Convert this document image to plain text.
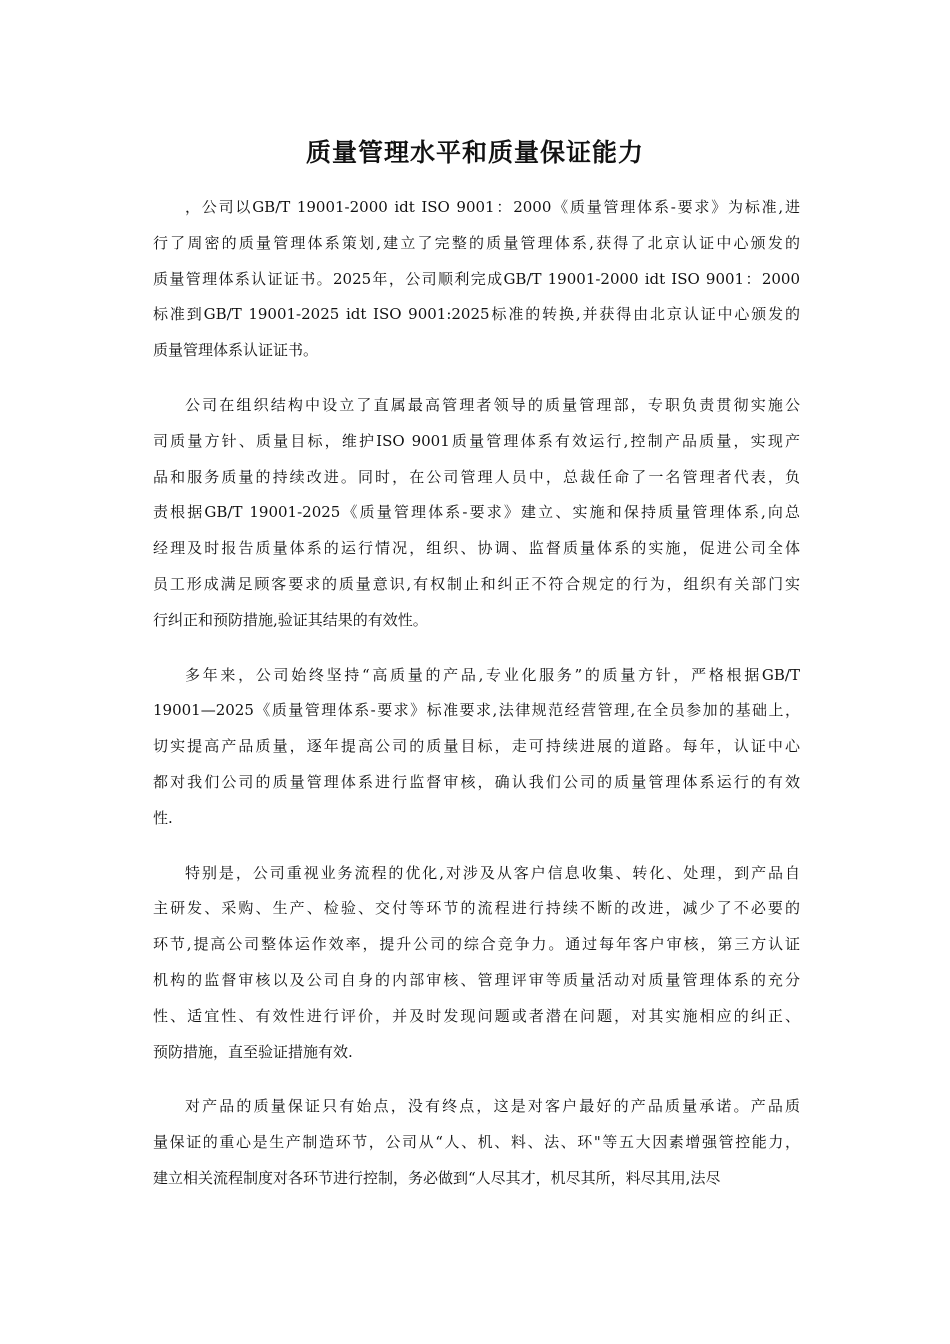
质量管理水平和质量保证能力
，公司以GB/T 19001-2000 idt ISO 9001：2000《质量管理体系-要求》为标准,进
行了周密的质量管理体系策划,建立了完整的质量管理体系,获得了北京认证中心颁发的
质量管理体系认证证书。2025年，公司顺利完成GB/T 19001-2000 idt ISO 9001：2000
标准到GB/T 19001-2025 idt ISO 9001:2025标准的转换,并获得由北京认证中心颁发的
质量管理体系认证证书。
公司在组织结构中设立了直属最高管理者领导的质量管理部，专职负责贯彻实施公
司质量方针、质量目标，维护ISO 9001质量管理体系有效运行,控制产品质量，实现产
品和服务质量的持续改进。同时，在公司管理人员中，总裁任命了一名管理者代表，负
责根据GB/T 19001-2025《质量管理体系-要求》建立、实施和保持质量管理体系,向总
经理及时报告质量体系的运行情况，组织、协调、监督质量体系的实施，促进公司全体
员工形成满足顾客要求的质量意识,有权制止和纠正不符合规定的行为，组织有关部门实
行纠正和预防措施,验证其结果的有效性。
多年来，公司始终坚持“高质量的产品,专业化服务”的质量方针，严格根据GB/T
19001—2025《质量管理体系-要求》标准要求,法律规范经营管理,在全员参加的基础上，
切实提高产品质量，逐年提高公司的质量目标，走可持续进展的道路。每年，认证中心
都对我们公司的质量管理体系进行监督审核，确认我们公司的质量管理体系运行的有效
性.
特别是，公司重视业务流程的优化,对涉及从客户信息收集、转化、处理，到产品自
主研发、采购、生产、检验、交付等环节的流程进行持续不断的改进，减少了不必要的
环节,提高公司整体运作效率，提升公司的综合竞争力。通过每年客户审核，第三方认证
机构的监督审核以及公司自身的内部审核、管理评审等质量活动对质量管理体系的充分
性、适宜性、有效性进行评价，并及时发现问题或者潜在问题，对其实施相应的纠正、
预防措施，直至验证措施有效.
对产品的质量保证只有始点，没有终点，这是对客户最好的产品质量承诺。产品质
量保证的重心是生产制造环节，公司从“人、机、料、法、环"等五大因素增强管控能力，
建立相关流程制度对各环节进行控制，务必做到“人尽其才，机尽其所，料尽其用,法尽
